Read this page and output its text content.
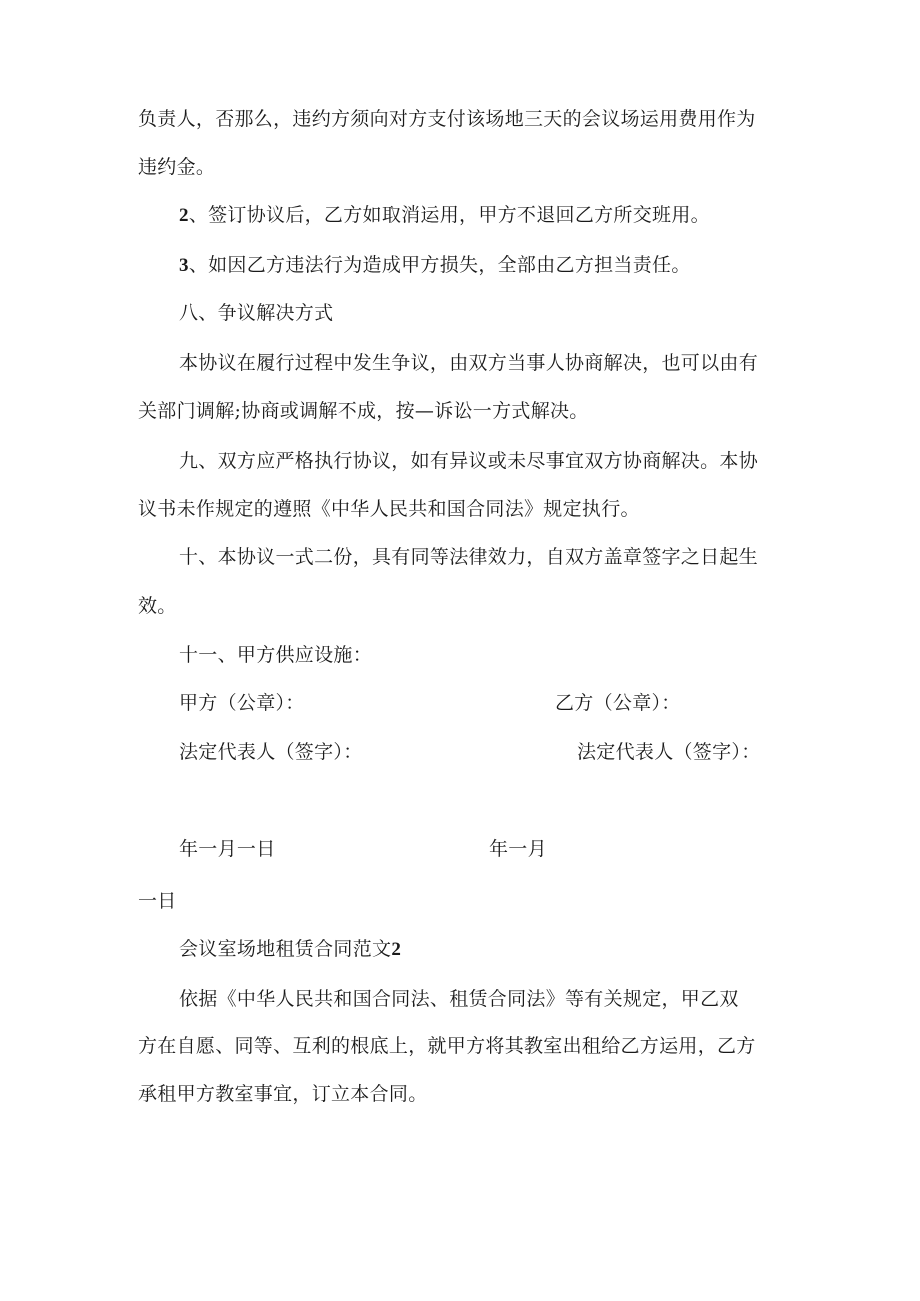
负责人，否那么，违约方须向对方支付该场地三天的会议场运用费用作为
违约金。
2、签订协议后，乙方如取消运用，甲方不退回乙方所交班用。
3、如因乙方违法行为造成甲方损失，全部由乙方担当责任。
八、争议解决方式
本协议在履行过程中发生争议，由双方当事人协商解决，也可以由有
关部门调解;协商或调解不成，按—诉讼一方式解决。
九、双方应严格执行协议，如有异议或未尽事宜双方协商解决。本协
议书未作规定的遵照《中华人民共和国合同法》规定执行。
十、本协议一式二份，具有同等法律效力，自双方盖章签字之日起生
效。
十一、甲方供应设施：
甲方（公章）：	乙方（公章）：
法定代表人（签字）：	法定代表人（签字）：
年一月一日	年一月
一日
会议室场地租赁合同范文2
依据《中华人民共和国合同法、租赁合同法》等有关规定，甲乙双
方在自愿、同等、互利的根底上，就甲方将其教室出租给乙方运用，乙方
承租甲方教室事宜，订立本合同。
